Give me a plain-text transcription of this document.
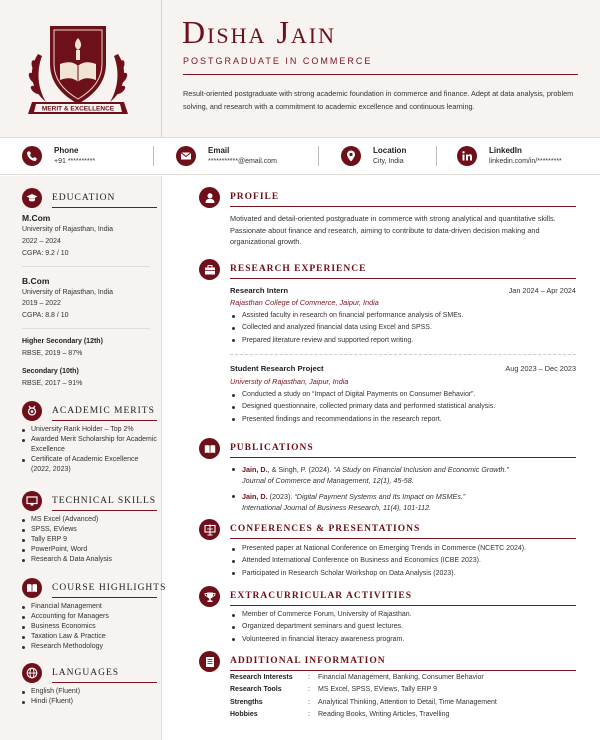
MERIT & EXCELLENCE
Disha Jain
POSTGRADUATE IN COMMERCE
Result-oriented postgraduate with strong academic foundation in commerce and finance. Adept at data analysis, problem solving, and research with a commitment to academic excellence and continuous learning.
Phone
+91 **********
Email
***********@email.com
Location
City, India
LinkedIn
linkedin.com/in/*********
EDUCATION
M.Com
University of Rajasthan, India
2022 – 2024
CGPA: 9.2 / 10
B.Com
University of Rajasthan, India
2019 – 2022
CGPA: 8.8 / 10
Higher Secondary (12th)
RBSE, 2019 – 87%
Secondary (10th)
RBSE, 2017 – 91%
ACADEMIC MERITS
University Rank Holder – Top 2%
Awarded Merit Scholarship for Academic Excellence
Certificate of Academic Excellence (2022, 2023)
TECHNICAL SKILLS
MS Excel (Advanced)
SPSS, EViews
Tally ERP 9
PowerPoint, Word
Research & Data Analysis
COURSE HIGHLIGHTS
Financial Management
Accounting for Managers
Business Economics
Taxation Law & Practice
Research Methodology
LANGUAGES
English (Fluent)
Hindi (Fluent)
PROFILE
Motivated and detail-oriented postgraduate in commerce with strong analytical and quantitative skills. Passionate about finance and research, aiming to contribute to data-driven decision making and organizational growth.
RESEARCH EXPERIENCE
Research Intern	Jan 2024 – Apr 2024
Rajasthan College of Commerce, Jaipur, India
Assisted faculty in research on financial performance analysis of SMEs.
Collected and analyzed financial data using Excel and SPSS.
Prepared literature review and supported report writing.
Student Research Project	Aug 2023 – Dec 2023
University of Rajasthan, Jaipur, India
Conducted a study on “Impact of Digital Payments on Consumer Behavior”.
Designed questionnaire, collected primary data and performed statistical analysis.
Presented findings and recommendations in the research report.
PUBLICATIONS
Jain, D., & Singh, P. (2024). “A Study on Financial Inclusion and Economic Growth.”
Journal of Commerce and Management, 12(1), 45-58.
Jain, D. (2023). “Digital Payment Systems and Its Impact on MSMEs.”
International Journal of Business Research, 11(4), 101-112.
CONFERENCES & PRESENTATIONS
Presented paper at National Conference on Emerging Trends in Commerce (NCETC 2024).
Attended International Conference on Business and Economics (ICBE 2023).
Participated in Research Scholar Workshop on Data Analysis (2023).
EXTRACURRICULAR ACTIVITIES
Member of Commerce Forum, University of Rajasthan.
Organized department seminars and guest lectures.
Volunteered in financial literacy awareness program.
ADDITIONAL INFORMATION
Research Interests : Financial Management, Banking, Consumer Behavior
Research Tools	: MS Excel, SPSS, EViews, Tally ERP 9
Strengths	: Analytical Thinking, Attention to Detail, Time Management
Hobbies	: Reading Books, Writing Articles, Travelling
